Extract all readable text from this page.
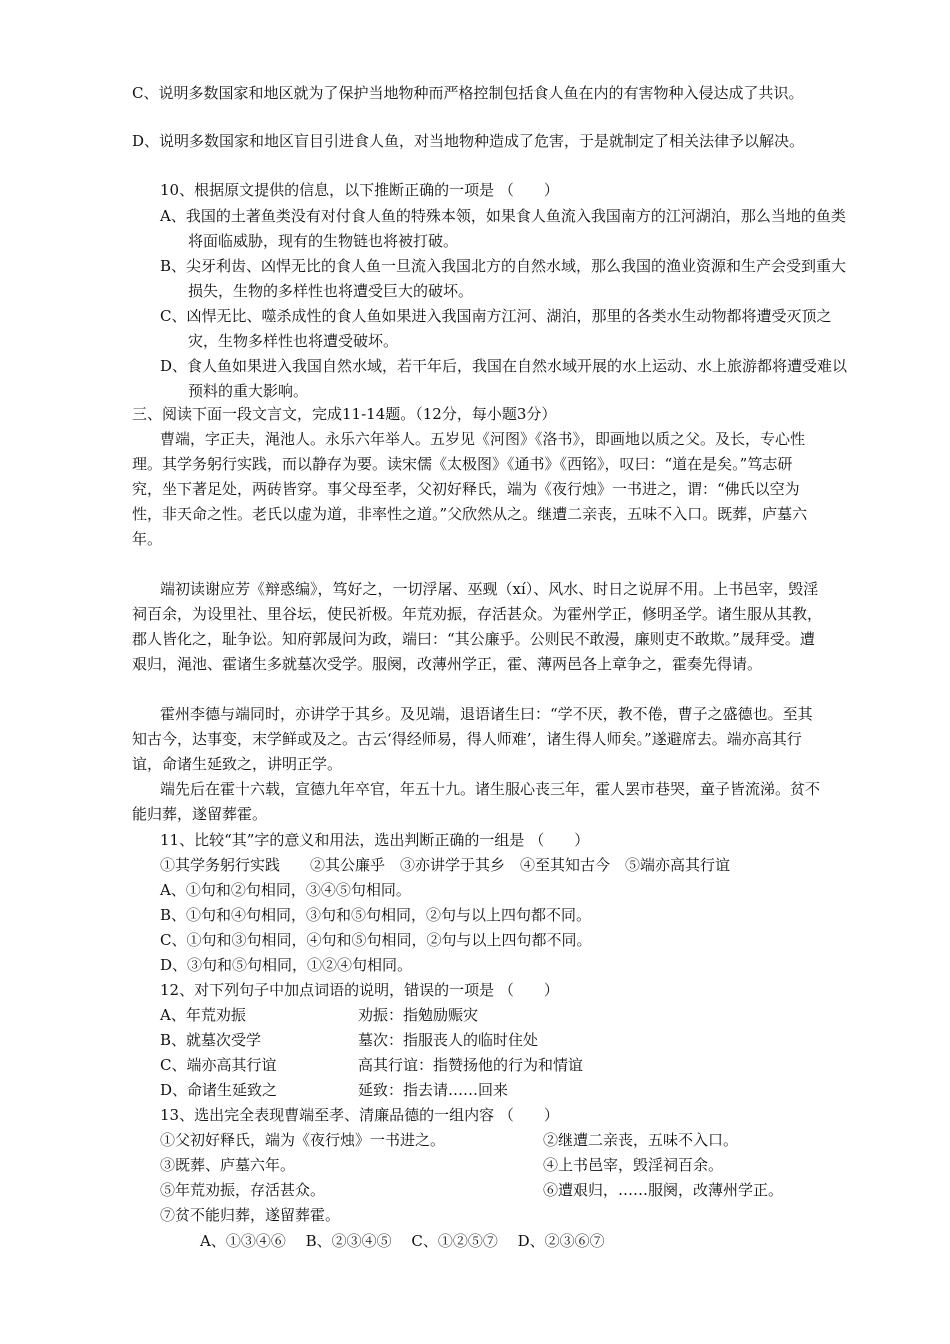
C、说明多数国家和地区就为了保护当地物种而严格控制包括食人鱼在内的有害物种入侵达成了共识。
D、说明多数国家和地区盲目引进食人鱼，对当地物种造成了危害，于是就制定了相关法律予以解决。
10、根据原文提供的信息，以下推断正确的一项是 （　　）
A、我国的土著鱼类没有对付食人鱼的特殊本领，如果食人鱼流入我国南方的江河湖泊，那么当地的鱼类将面临威胁，现有的生物链也将被打破。
B、尖牙利齿、凶悍无比的食人鱼一旦流入我国北方的自然水域，那么我国的渔业资源和生产会受到重大损失，生物的多样性也将遭受巨大的破坏。
C、凶悍无比、噬杀成性的食人鱼如果进入我国南方江河、湖泊，那里的各类水生动物都将遭受灭顶之灾，生物多样性也将遭受破坏。
D、食人鱼如果进入我国自然水域，若干年后，我国在自然水域开展的水上运动、水上旅游都将遭受难以预料的重大影响。
三、阅读下面一段文言文，完成11-14题。（12分，每小题3分）
曹端，字正夫，渑池人。永乐六年举人。五岁见《河图》《洛书》，即画地以质之父。及长，专心性理。其学务躬行实践，而以静存为要。读宋儒《太极图》《通书》《西铭》，叹曰：“道在是矣。”笃志研究，坐下著足处，两砖皆穿。事父母至孝，父初好释氏，端为《夜行烛》一书进之，谓：“佛氏以空为性，非天命之性。老氏以虚为道，非率性之道。”父欣然从之。继遭二亲丧，五味不入口。既葬，庐墓六年。
端初读谢应芳《辩惑编》，笃好之，一切浮屠、巫觋（xí）、风水、时日之说屏不用。上书邑宰，毁淫祠百余，为设里社、里谷坛，使民祈极。年荒劝振，存活甚众。为霍州学正，修明圣学。诸生服从其教，郡人皆化之，耻争讼。知府郭晟问为政，端曰：“其公廉乎。公则民不敢漫，廉则吏不敢欺。”晟拜受。遭艰归，渑池、霍诸生多就墓次受学。服阕，改薄州学正，霍、薄两邑各上章争之，霍奏先得请。
霍州李德与端同时，亦讲学于其乡。及见端，退语诸生曰：“学不厌，教不倦，曹子之盛德也。至其知古今，达事变，末学鲜或及之。古云‘得经师易，得人师难’，诸生得人师矣。”遂避席去。端亦高其行谊，命诸生延致之，讲明正学。
端先后在霍十六载，宣德九年卒官，年五十九。诸生服心丧三年，霍人罢市巷哭，童子皆流涕。贫不能归葬，遂留葬霍。
11、比较“其”字的意义和用法，选出判断正确的一组是 （　　）
①其学务躬行实践　　②其公廉乎　③亦讲学于其乡　④至其知古今　⑤端亦高其行谊
A、①句和②句相同，③④⑤句相同。
B、①句和④句相同，③句和⑤句相同，②句与以上四句都不同。
C、①句和③句相同，④句和⑤句相同，②句与以上四句都不同。
D、③句和⑤句相同，①②④句相同。
12、对下列句子中加点词语的说明，错误的一项是 （　　）
A、年荒劝振	劝振：指勉励赈灾
B、就墓次受学	墓次：指服丧人的临时住处
C、端亦高其行谊	高其行谊：指赞扬他的行为和情谊
D、命诸生延致之	延致：指去请……回来
13、选出完全表现曹端至孝、清廉品德的一组内容 （　　）
①父初好释氏，端为《夜行烛》一书进之。	②继遭二亲丧，五味不入口。
③既葬、庐墓六年。	④上书邑宰，毁淫祠百余。
⑤年荒劝振，存活甚众。	⑥遭艰归，……服阕，改薄州学正。
⑦贫不能归葬，遂留葬霍。
A、①③④⑥　 B、②③④⑤　 C、①②⑤⑦　 D、②③⑥⑦
